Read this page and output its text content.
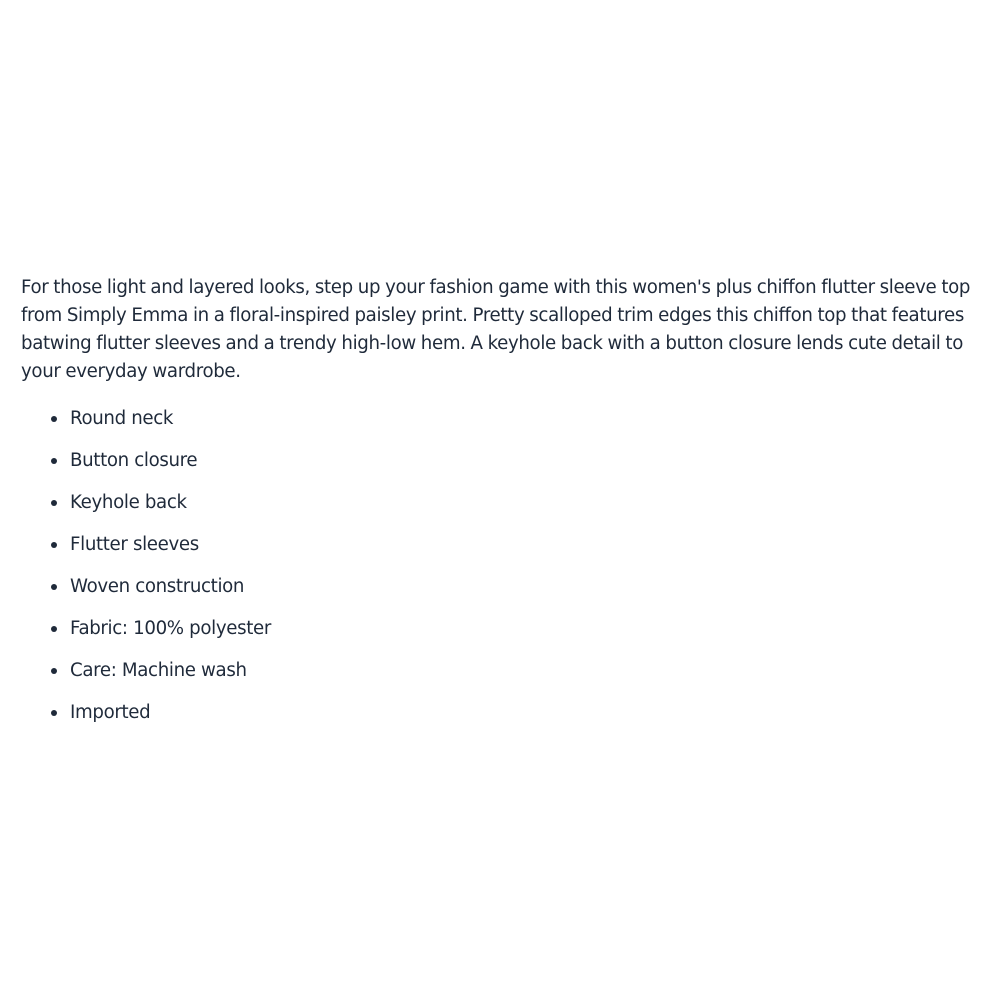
For those light and layered looks, step up your fashion game with this women's plus chiffon flutter sleeve top from Simply Emma in a floral-inspired paisley print. Pretty scalloped trim edges this chiffon top that features batwing flutter sleeves and a trendy high-low hem. A keyhole back with a button closure lends cute detail to your everyday wardrobe.

Round neck
Button closure
Keyhole back
Flutter sleeves
Woven construction
Fabric: 100% polyester
Care: Machine wash
Imported
